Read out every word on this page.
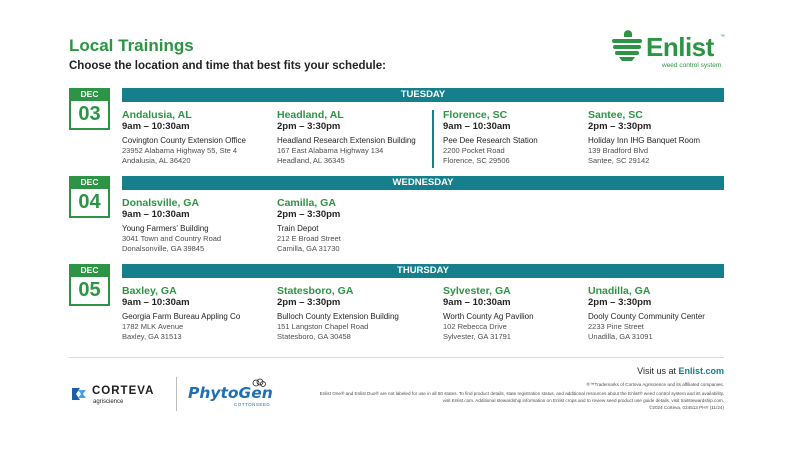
Local Trainings
Choose the location and time that best fits your schedule:
Enlist ™
weed control system
DEC
03
TUESDAY
Andalusia, AL
9am – 10:30am
Covington County Extension Office
23952 Alabama Highway 55, Ste 4
Andalusia, AL 36420
Headland, AL
2pm – 3:30pm
Headland Research Extension Building
167 East Alabama Highway 134
Headland, AL 36345
Florence, SC
9am – 10:30am
Pee Dee Research Station
2200 Pocket Road
Florence, SC 29506
Santee, SC
2pm – 3:30pm
Holiday Inn IHG Banquet Room
139 Bradford Blvd
Santee, SC 29142
DEC
04
WEDNESDAY
Donalsville, GA
9am – 10:30am
Young Farmers' Building
3041 Town and Country Road
Donalsonville, GA 39845
Camilla, GA
2pm – 3:30pm
Train Depot
212 E Broad Street
Camilla, GA 31730
DEC
05
THURSDAY
Baxley, GA
9am – 10:30am
Georgia Farm Bureau Appling Co
1782 MLK Avenue
Baxley, GA 31513
Statesboro, GA
2pm – 3:30pm
Bulloch County Extension Building
151 Langston Chapel Road
Statesboro, GA 30458
Sylvester, GA
9am – 10:30am
Worth County Ag Pavilion
102 Rebecca Drive
Sylvester, GA 31791
Unadilla, GA
2pm – 3:30pm
Dooly County Community Center
2233 Pine Street
Unadilla, GA 31091
CORTEVA
agriscience	PhytoGen
COTTONSEED
Visit us at Enlist.com
®™Trademarks of Corteva Agriscience and its affiliated companies.
Enlist One® and Enlist Duo® are not labeled for use in all 50 states. To find product details, state registration status, and additional resources about the Enlist® weed control system and its availability,
visit Enlist.com. Additional stewardship information on Enlist crops and to review seed product use guide details, visit traitstewardship.com.
©2024 Corteva. 024513 PHY (11/24)
